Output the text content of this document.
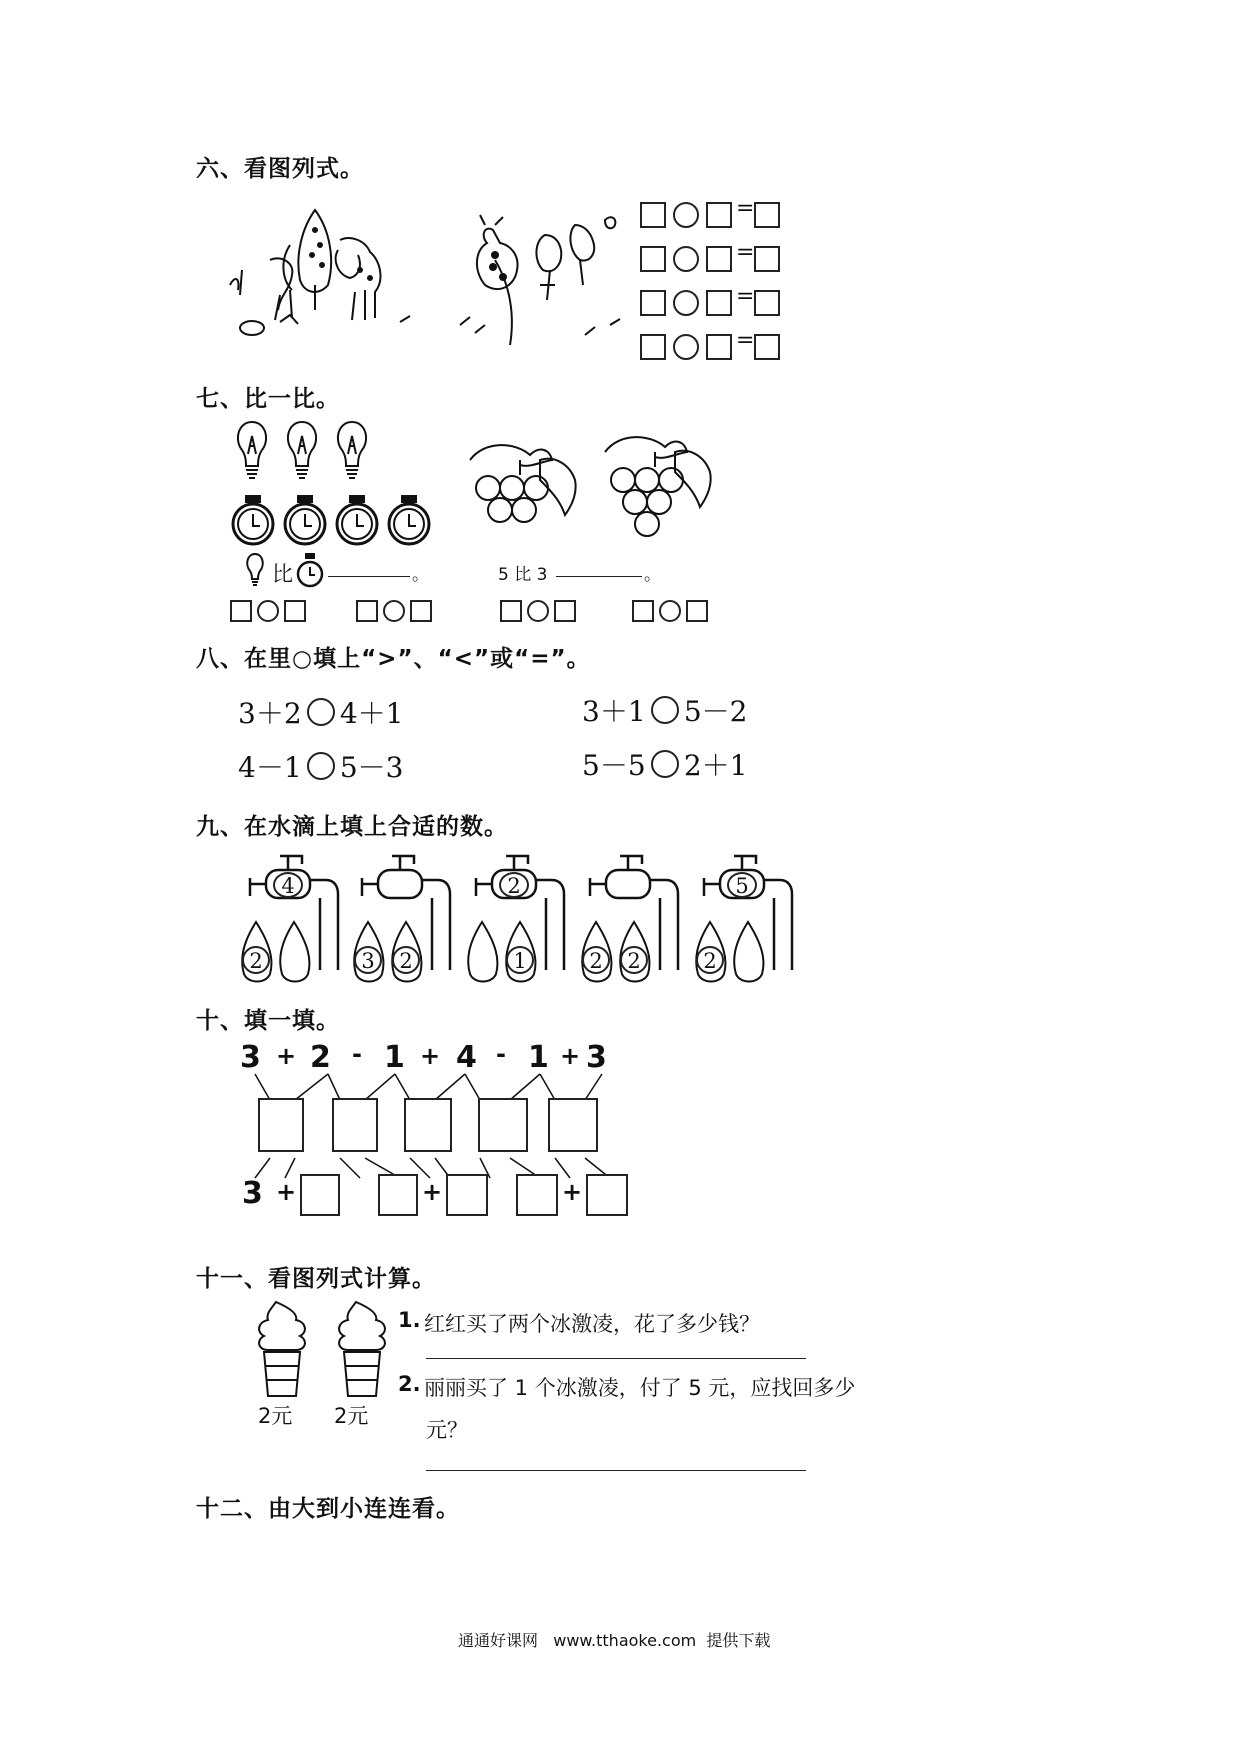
六、看图列式。
=
=
=
=
七、比一比。
比	。	5 比 3	。
八、在里○填上“>”、“<”或“=”。
3＋2 4＋1	3＋1 5－2
4－1 5－3	5－5 2＋1
九、在水滴上填上合适的数。
4
2	3	2
2
1	2	2
5
2
十、填一填。
3 + 2 - 1 + 4 - 1 + 3
3 +	+	+
十一、看图列式计算。
2元 2元
1. 红红买了两个冰激凌，花了多少钱？
2. 丽丽买了 1 个冰激凌，付了 5 元，应找回多少
元？
十二、由大到小连连看。
通通好课网   www.tthaoke.com  提供下载
